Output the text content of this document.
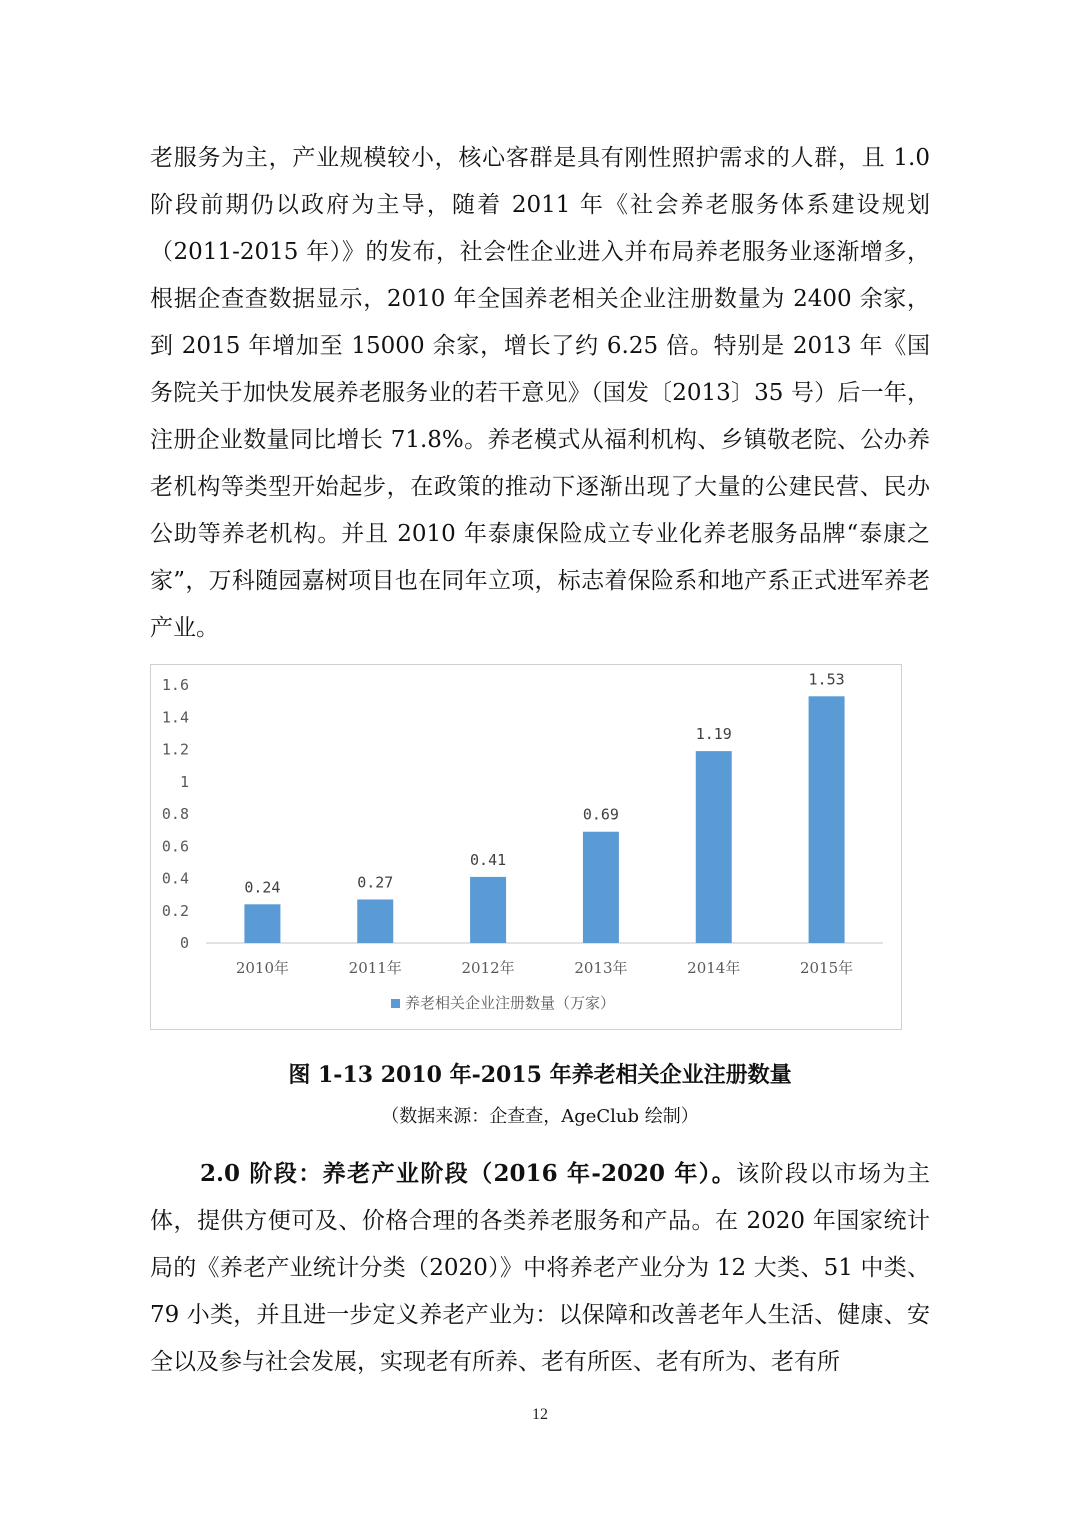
老服务为主，产业规模较小，核心客群是具有刚性照护需求的人群，且 1.0 阶段前期仍以政府为主导，随着 2011 年《社会养老服务体系建设规划（2011-2015 年）》的发布，社会性企业进入并布局养老服务业逐渐增多，根据企查查数据显示，2010 年全国养老相关企业注册数量为 2400 余家，到 2015 年增加至 15000 余家，增长了约 6.25 倍。特别是 2013 年《国务院关于加快发展养老服务业的若干意见》（国发〔2013〕35 号）后一年，注册企业数量同比增长 71.8%。养老模式从福利机构、乡镇敬老院、公办养老机构等类型开始起步，在政策的推动下逐渐出现了大量的公建民营、民办公助等养老机构。并且 2010 年泰康保险成立专业化养老服务品牌“泰康之家”，万科随园嘉树项目也在同年立项，标志着保险系和地产系正式进军养老产业。

0
0.2
0.4
0.6
0.8
1
1.2
1.4
1.6
0.24
2010年
0.27
2011年
0.41
2012年
0.69
2013年
1.19
2014年
1.53
2015年
养老相关企业注册数量（万家）

图 1-13 2010 年-2015 年养老相关企业注册数量

（数据来源：企查查，AgeClub 绘制）

2.0 阶段：养老产业阶段（2016 年-2020 年）。该阶段以市场为主体，提供方便可及、价格合理的各类养老服务和产品。在 2020 年国家统计局的《养老产业统计分类（2020）》中将养老产业分为 12 大类、51 中类、79 小类，并且进一步定义养老产业为：以保障和改善老年人生活、健康、安全以及参与社会发展，实现老有所养、老有所医、老有所为、老有所

12
